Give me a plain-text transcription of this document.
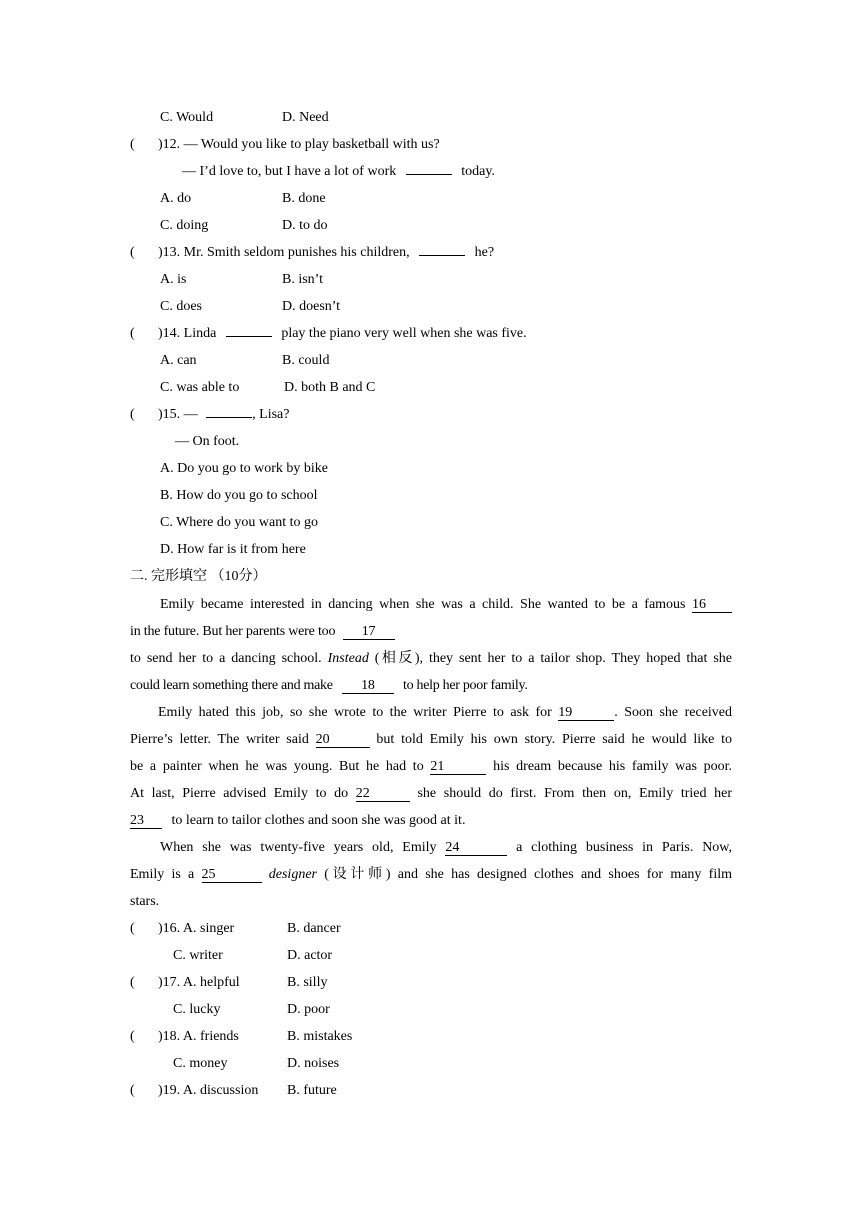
C. Would	D. Need
( )12. — Would you like to play basketball with us?
— I’d love to, but I have a lot of work	today.
A. do	B. done
C. doing	D. to do
( )13. Mr. Smith seldom punishes his children,	he?
A. is	B. isn’t
C. does	D. doesn’t
( )14. Linda	play the piano very well when she was five.
A. can	B. could
C. was able to	D. both B and C
( )15. —	, Lisa?
— On foot.
A. Do you go to work by bike
B. How do you go to school
C. Where do you want to go
D. How far is it from here
二. 完形填空 （10分）
Emily became interested in dancing when she was a child. She wanted to be a famous 16
in the future. But her parents were too 17
to send her to a dancing school. Instead (相反), they sent her to a tailor shop. They hoped that she
could learn something there and make 18 to help her poor family.
Emily hated this job, so she wrote to the writer Pierre to ask for 19	. Soon she received
Pierre’s letter. The writer said 20	but told Emily his own story. Pierre said he would like to
be a painter when he was young. But he had to 21	his dream because his family was poor.
At last, Pierre advised Emily to do 22	she should do first. From then on, Emily tried her
23 to learn to tailor clothes and soon she was good at it.
When she was twenty-five years old, Emily 24	a clothing business in Paris. Now,
Emily is a 25	designer (设计师) and she has designed clothes and shoes for many film
stars.
( )16. A. singer	B. dancer
C. writer	D. actor
( )17. A. helpful	B. silly
C. lucky	D. poor
( )18. A. friends	B. mistakes
C. money	D. noises
( )19. A. discussion B. future
